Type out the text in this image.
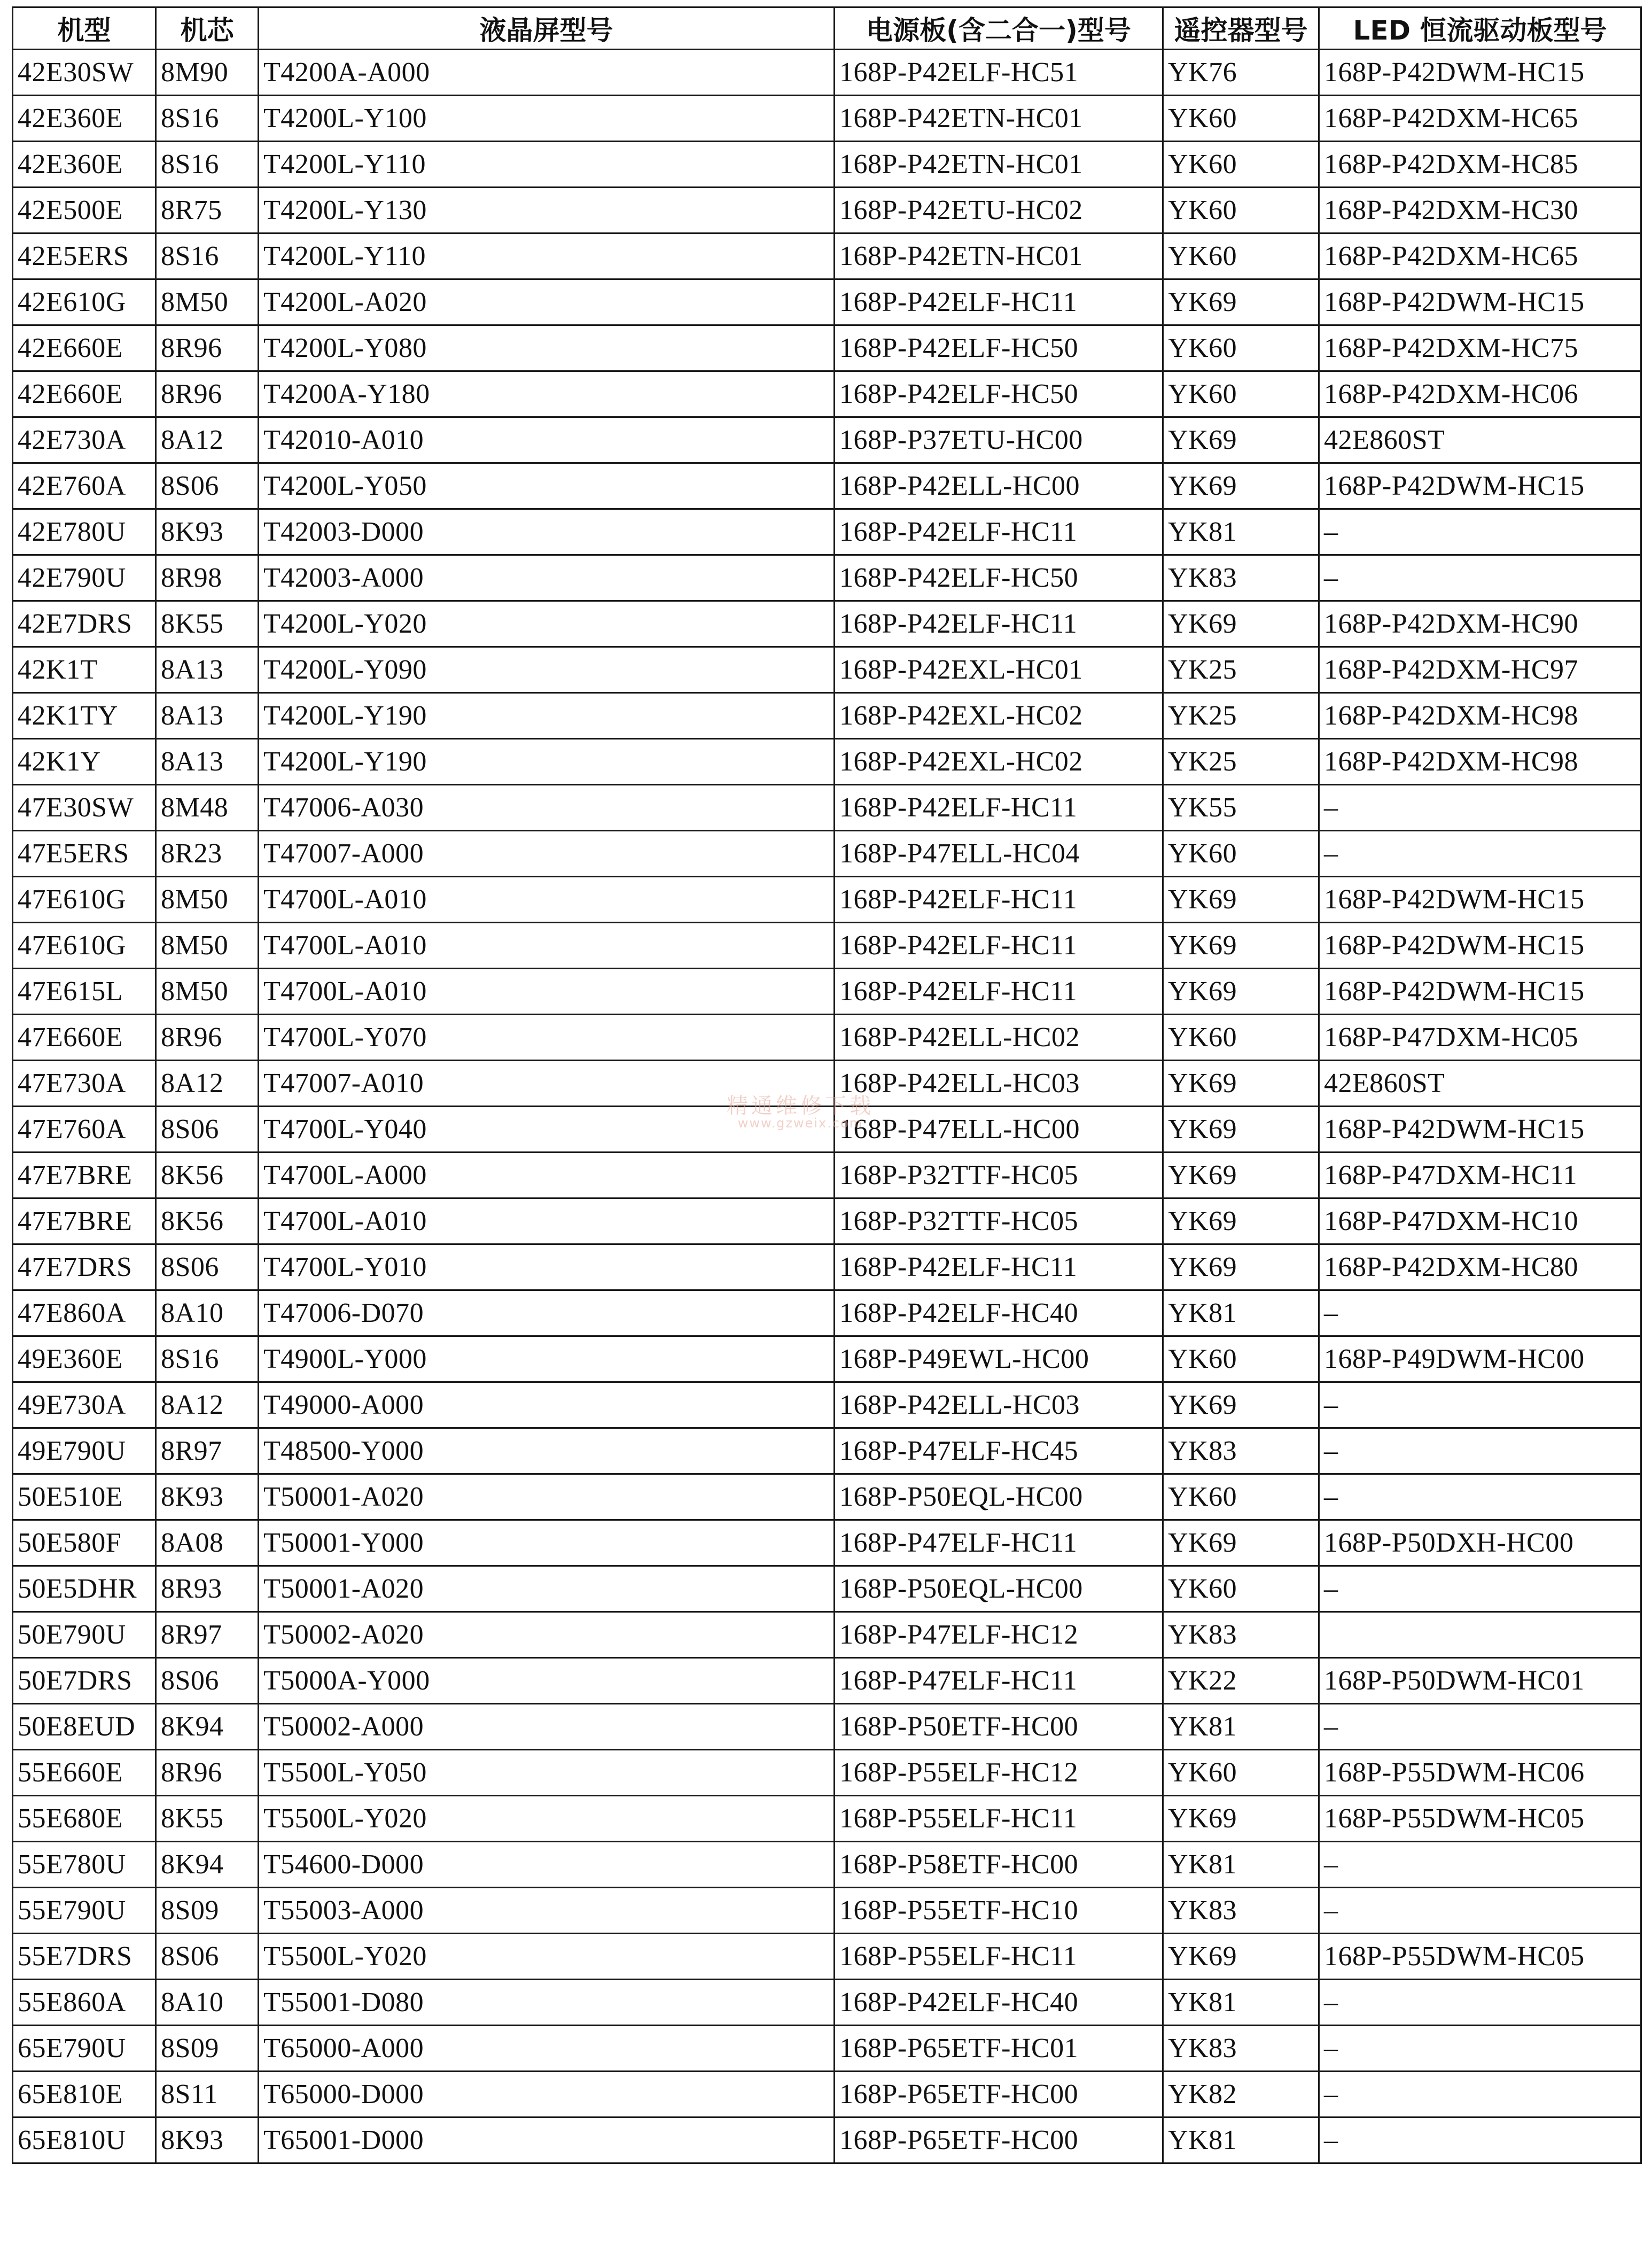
机型	机芯	液晶屏型号	电源板(含二合一)型号	遥控器型号	LED 恒流驱动板型号
42E30SW	8M90	T4200A-A000	168P-P42ELF-HC51	YK76	168P-P42DWM-HC15
42E360E	8S16	T4200L-Y100	168P-P42ETN-HC01	YK60	168P-P42DXM-HC65
42E360E	8S16	T4200L-Y110	168P-P42ETN-HC01	YK60	168P-P42DXM-HC85
42E500E	8R75	T4200L-Y130	168P-P42ETU-HC02	YK60	168P-P42DXM-HC30
42E5ERS	8S16	T4200L-Y110	168P-P42ETN-HC01	YK60	168P-P42DXM-HC65
42E610G	8M50	T4200L-A020	168P-P42ELF-HC11	YK69	168P-P42DWM-HC15
42E660E	8R96	T4200L-Y080	168P-P42ELF-HC50	YK60	168P-P42DXM-HC75
42E660E	8R96	T4200A-Y180	168P-P42ELF-HC50	YK60	168P-P42DXM-HC06
42E730A	8A12	T42010-A010	168P-P37ETU-HC00	YK69	42E860ST
42E760A	8S06	T4200L-Y050	168P-P42ELL-HC00	YK69	168P-P42DWM-HC15
42E780U	8K93	T42003-D000	168P-P42ELF-HC11	YK81	–
42E790U	8R98	T42003-A000	168P-P42ELF-HC50	YK83	–
42E7DRS	8K55	T4200L-Y020	168P-P42ELF-HC11	YK69	168P-P42DXM-HC90
42K1T	8A13	T4200L-Y090	168P-P42EXL-HC01	YK25	168P-P42DXM-HC97
42K1TY	8A13	T4200L-Y190	168P-P42EXL-HC02	YK25	168P-P42DXM-HC98
42K1Y	8A13	T4200L-Y190	168P-P42EXL-HC02	YK25	168P-P42DXM-HC98
47E30SW	8M48	T47006-A030	168P-P42ELF-HC11	YK55	–
47E5ERS	8R23	T47007-A000	168P-P47ELL-HC04	YK60	–
47E610G	8M50	T4700L-A010	168P-P42ELF-HC11	YK69	168P-P42DWM-HC15
47E610G	8M50	T4700L-A010	168P-P42ELF-HC11	YK69	168P-P42DWM-HC15
47E615L	8M50	T4700L-A010	168P-P42ELF-HC11	YK69	168P-P42DWM-HC15
47E660E	8R96	T4700L-Y070	168P-P42ELL-HC02	YK60	168P-P47DXM-HC05
47E730A	8A12	T47007-A010	168P-P42ELL-HC03	YK69	42E860ST
47E760A	8S06	T4700L-Y040	168P-P47ELL-HC00	YK69	168P-P42DWM-HC15
47E7BRE	8K56	T4700L-A000	168P-P32TTF-HC05	YK69	168P-P47DXM-HC11
47E7BRE	8K56	T4700L-A010	168P-P32TTF-HC05	YK69	168P-P47DXM-HC10
47E7DRS	8S06	T4700L-Y010	168P-P42ELF-HC11	YK69	168P-P42DXM-HC80
47E860A	8A10	T47006-D070	168P-P42ELF-HC40	YK81	–
49E360E	8S16	T4900L-Y000	168P-P49EWL-HC00	YK60	168P-P49DWM-HC00
49E730A	8A12	T49000-A000	168P-P42ELL-HC03	YK69	–
49E790U	8R97	T48500-Y000	168P-P47ELF-HC45	YK83	–
50E510E	8K93	T50001-A020	168P-P50EQL-HC00	YK60	–
50E580F	8A08	T50001-Y000	168P-P47ELF-HC11	YK69	168P-P50DXH-HC00
50E5DHR	8R93	T50001-A020	168P-P50EQL-HC00	YK60	–
50E790U	8R97	T50002-A020	168P-P47ELF-HC12	YK83	
50E7DRS	8S06	T5000A-Y000	168P-P47ELF-HC11	YK22	168P-P50DWM-HC01
50E8EUD	8K94	T50002-A000	168P-P50ETF-HC00	YK81	–
55E660E	8R96	T5500L-Y050	168P-P55ELF-HC12	YK60	168P-P55DWM-HC06
55E680E	8K55	T5500L-Y020	168P-P55ELF-HC11	YK69	168P-P55DWM-HC05
55E780U	8K94	T54600-D000	168P-P58ETF-HC00	YK81	–
55E790U	8S09	T55003-A000	168P-P55ETF-HC10	YK83	–
55E7DRS	8S06	T5500L-Y020	168P-P55ELF-HC11	YK69	168P-P55DWM-HC05
55E860A	8A10	T55001-D080	168P-P42ELF-HC40	YK81	–
65E790U	8S09	T65000-A000	168P-P65ETF-HC01	YK83	–
65E810E	8S11	T65000-D000	168P-P65ETF-HC00	YK82	–
65E810U	8K93	T65001-D000	168P-P65ETF-HC00	YK81	–
精通维修下载
www.gzweix.com
